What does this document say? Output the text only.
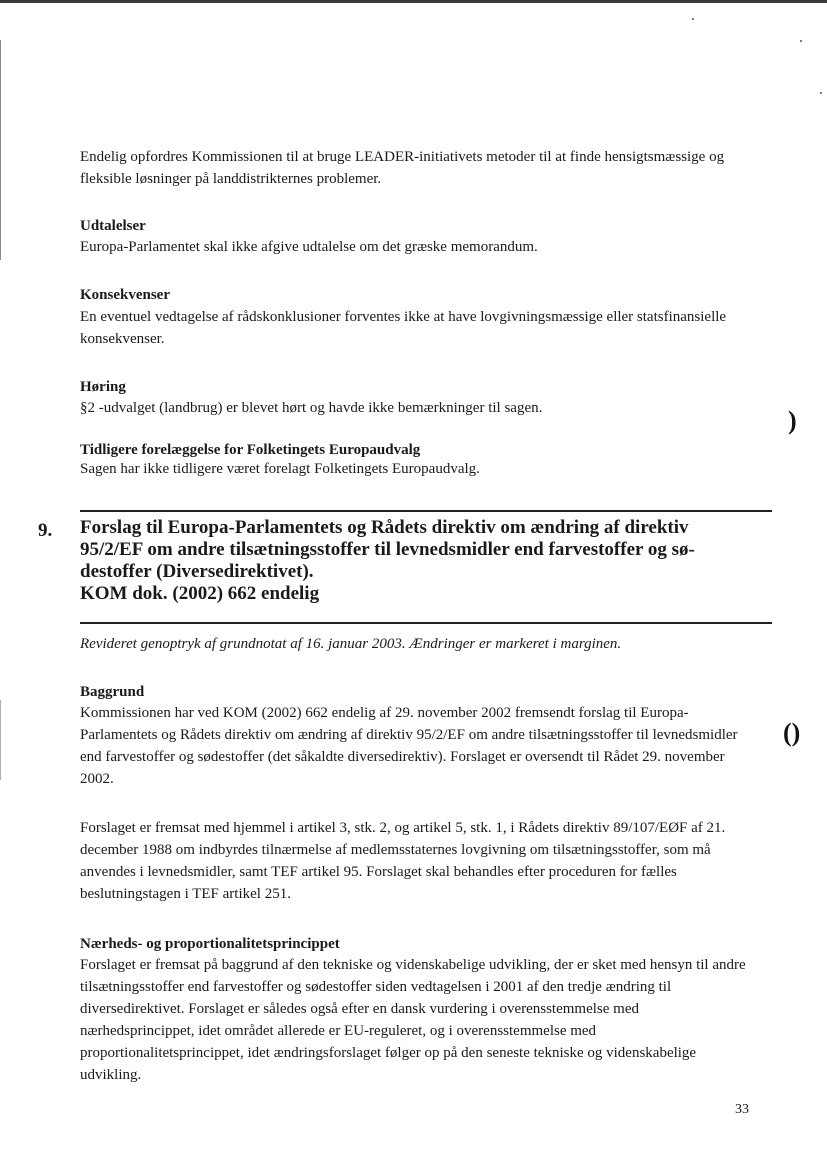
Endelig opfordres Kommissionen til at bruge LEADER-initiativets metoder til at finde hensigtsmæssige og fleksible løsninger på landdistrikternes problemer.

Udtalelser

Europa-Parlamentet skal ikke afgive udtalelse om det græske memorandum.

Konsekvenser

En eventuel vedtagelse af rådskonklusioner forventes ikke at have lovgivningsmæssige eller statsfinansielle konsekvenser.

Høring

§2 -udvalget (landbrug) er blevet hørt og havde ikke bemærkninger til sagen.	)
Tidligere forelæggelse for Folketingets Europaudvalg

Sagen har ikke tidligere været forelagt Folketingets Europaudvalg.

9. Forslag til Europa-Parlamentets og Rådets direktiv om ændring af direktiv
95/2/EF om andre tilsætningsstoffer til levnedsmidler end farvestoffer og sø-
destoffer (Diversedirektivet).
KOM dok. (2002) 662 endelig

Revideret genoptryk af grundnotat af 16. januar 2003. Ændringer er markeret i marginen.

Baggrund

Kommissionen har ved KOM (2002) 662 endelig af 29. november 2002 fremsendt forslag til Europa-Parlamentets og Rådets direktiv om ændring af direktiv 95/2/EF om andre tilsætningsstoffer til levnedsmidler end farvestoffer og sødestoffer (det såkaldte diversedirektiv). Forslaget er oversendt til Rådet 29. november 2002.

()

Forslaget er fremsat med hjemmel i artikel 3, stk. 2, og artikel 5, stk. 1, i Rådets direktiv 89/107/EØF af 21. december 1988 om indbyrdes tilnærmelse af medlemsstaternes lovgivning om tilsætningsstoffer, som må anvendes i levnedsmidler, samt TEF artikel 95. Forslaget skal behandles efter proceduren for fælles beslutningstagen i TEF artikel 251.

Nærheds- og proportionalitetsprincippet

Forslaget er fremsat på baggrund af den tekniske og videnskabelige udvikling, der er sket med hensyn til andre tilsætningsstoffer end farvestoffer og sødestoffer siden vedtagelsen i 2001 af den tredje ændring til diversedirektivet. Forslaget er således også efter en dansk vurdering i overensstemmelse med nærhedsprincippet, idet området allerede er EU-reguleret, og i overensstemmelse med proportionalitetsprincippet, idet ændringsforslaget følger op på den seneste tekniske og videnskabelige udvikling.

33
